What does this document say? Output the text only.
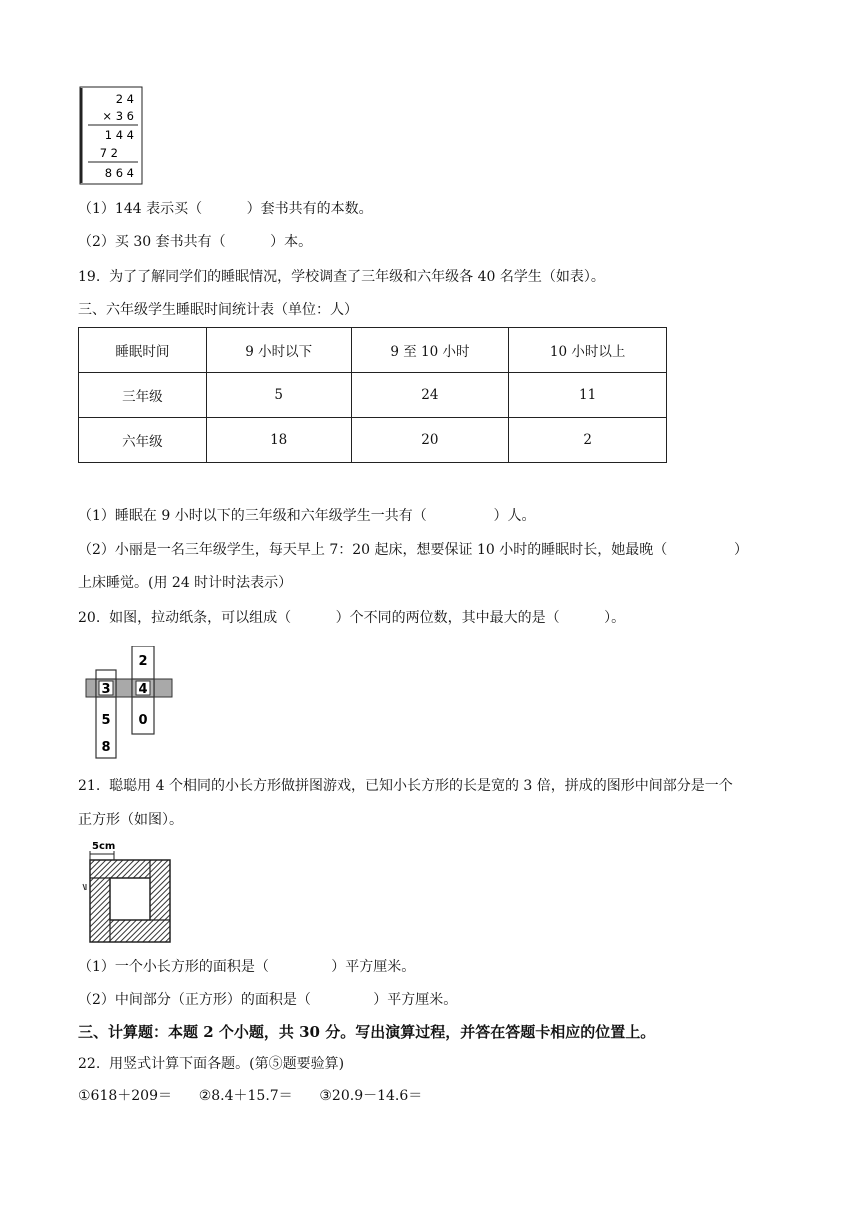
2 4
× 3 6
1 4 4
7 2
8 6 4
（1）144 表示买（          ）套书共有的本数。
（2）买 30 套书共有（          ）本。
19.  为了了解同学们的睡眠情况，学校调查了三年级和六年级各 40 名学生（如表）。
三、六年级学生睡眠时间统计表（单位：人）
睡眠时间	9 小时以下	9 至 10 小时	10 小时以上
三年级	5	24	11
六年级	18	20	2
（1）睡眠在 9 小时以下的三年级和六年级学生一共有（               ）人。
（2）小丽是一名三年级学生，每天早上 7：20 起床，想要保证 10 小时的睡眠时长，她最晚（               ）
上床睡觉。(用 24 时计时法表示）
20.  如图，拉动纸条，可以组成（          ）个不同的两位数，其中最大的是（          ）。
3
5
8
2
4
0
21.  聪聪用 4 个相同的小长方形做拼图游戏，已知小长方形的长是宽的 3 倍，拼成的图形中间部分是一个
正方形（如图）。
5cm
（1）一个小长方形的面积是（              ）平方厘米。
（2）中间部分（正方形）的面积是（              ）平方厘米。
三、计算题：本题 2 个小题，共 30 分。写出演算过程，并答在答题卡相应的位置上。
22.  用竖式计算下面各题。(第⑤题要验算)
①618＋209＝      ②8.4＋15.7＝      ③20.9－14.6＝
